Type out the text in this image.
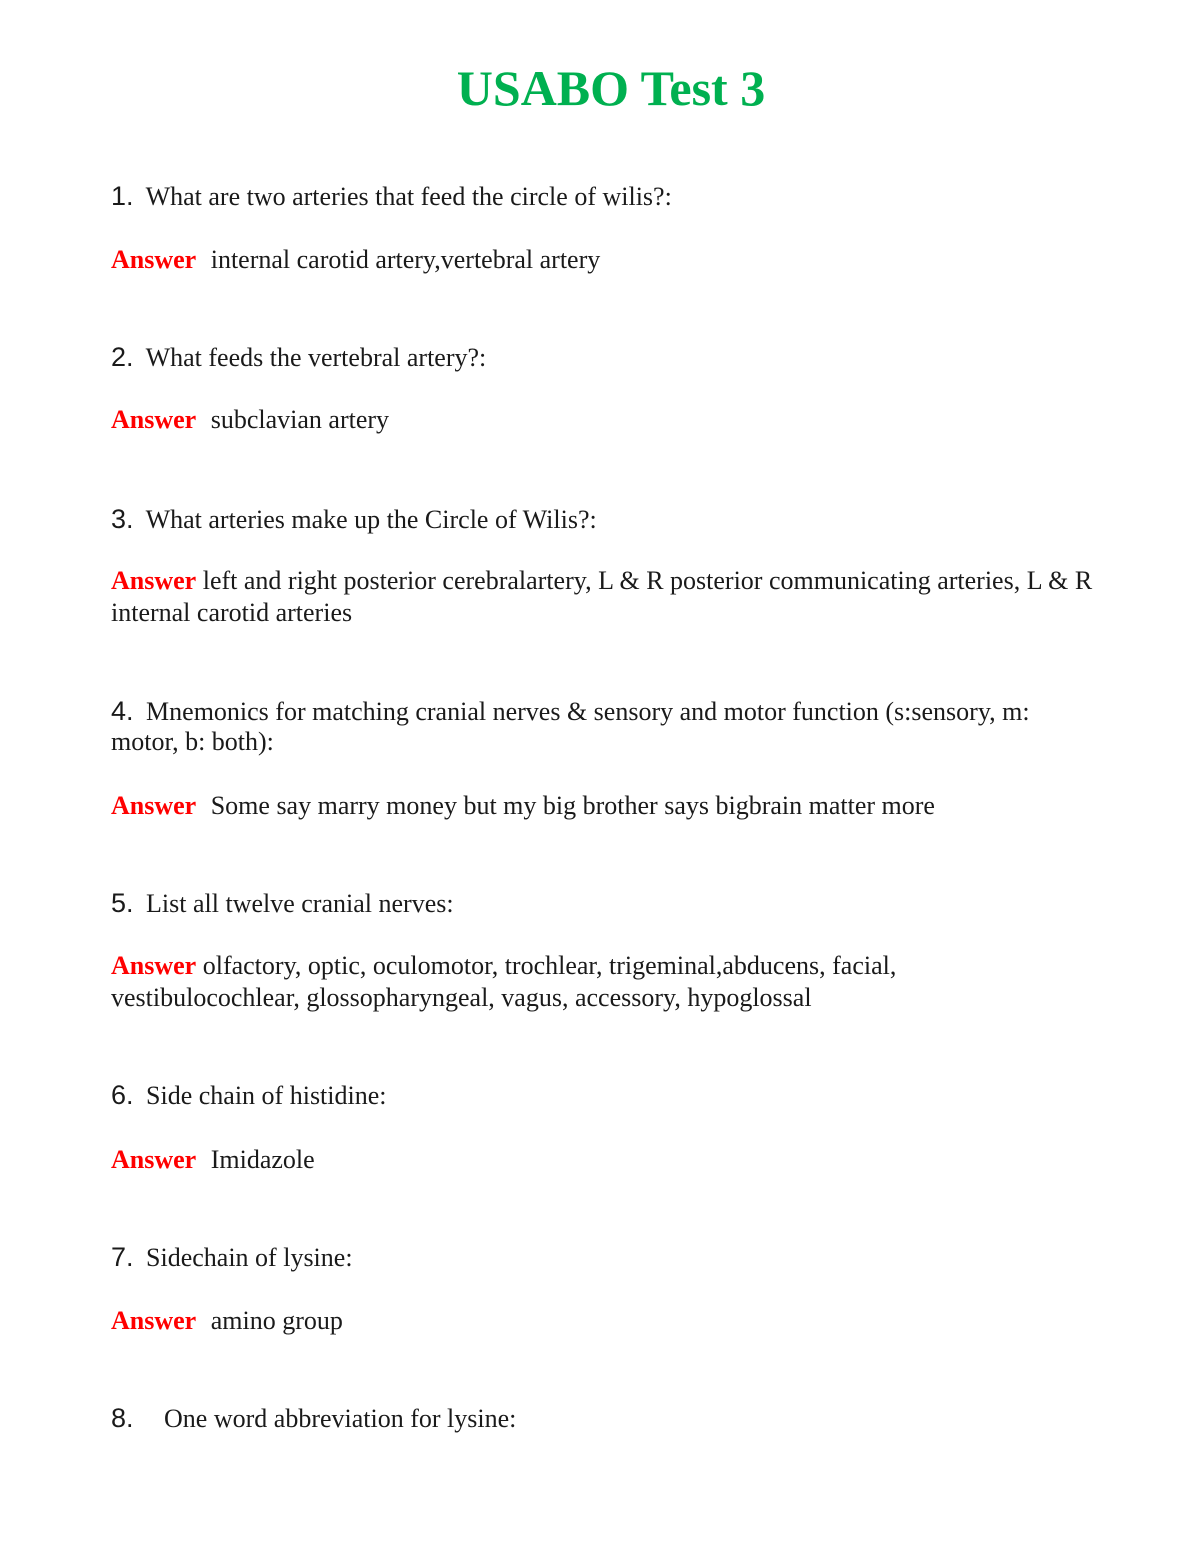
USABO Test 3

1. What are two arteries that feed the circle of wilis?:

Answer internal carotid artery,vertebral artery

2. What feeds the vertebral artery?:

Answer subclavian artery

3. What arteries make up the Circle of Wilis?:

Answer left and right posterior cerebralartery, L & R posterior communicating arteries, L & R internal carotid arteries

4. Mnemonics for matching cranial nerves & sensory and motor function (s:sensory, m: motor, b: both):

Answer Some say marry money but my big brother says bigbrain matter more

5. List all twelve cranial nerves:

Answer olfactory, optic, oculomotor, trochlear, trigeminal,abducens, facial, vestibulocochlear, glossopharyngeal, vagus, accessory, hypoglossal

6. Side chain of histidine:

Answer Imidazole

7. Sidechain of lysine:

Answer amino group

8. One word abbreviation for lysine:
